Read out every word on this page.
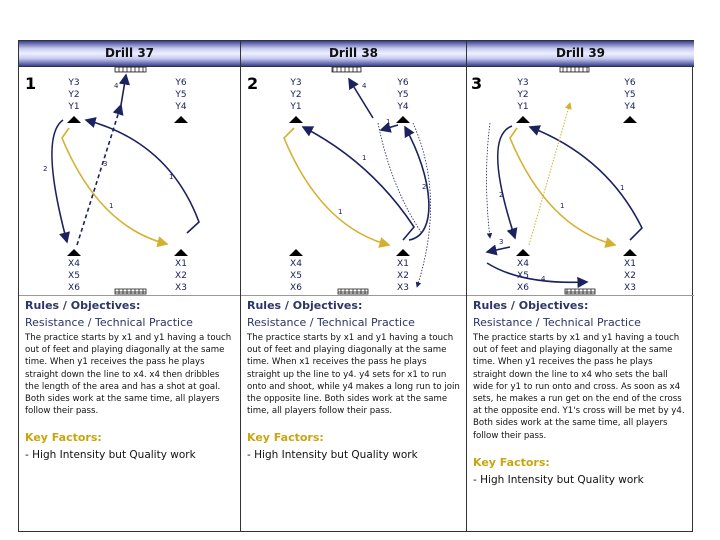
Drill 37
1	Y3
Y2
Y1
Y6
Y5
Y4
X4
X5
X6
X1
X2
X3
1
2
3
4
1
Rules / Objectives:
Resistance / Technical Practice
The practice starts by x1 and y1 having a touch out of feet and playing diagonally at the same time. When y1 receives the pass he plays straight down the line to x4. x4 then dribbles the length of the area and has a shot at goal. Both sides work at the same time, all players follow their pass.
Key Factors:
- High Intensity but Quality work
Drill 38
2	Y3
Y2
Y1
Y6
Y5
Y4
X4
X5
X6
X1
X2
X3
4
1
1
2
1
Rules / Objectives:
Resistance / Technical Practice
The practice starts by x1 and y1 having a touch out of feet and playing diagonally at the same time. When x1 receives the pass he plays straight up the line to y4. y4 sets for x1 to run onto and shoot, while y4 makes a long run to join the opposite line. Both sides work at the same time, all players follow their pass.
Key Factors:
- High Intensity but Quality work
Drill 39
3	Y3
Y2
Y1
Y6
Y5
Y4
X4
X5
X6
X1
X2
X3
1
2
3
4
1
Rules / Objectives:
Resistance / Technical Practice
The practice starts by x1 and y1 having a touch out of feet and playing diagonally at the same time. When y1 receives the pass he plays straight down the line to x4 who sets the ball wide for y1 to run onto and cross. As soon as x4 sets, he makes a run get on the end of the cross at the opposite end. Y1's cross will be met by y4. Both sides work at the same time, all players follow their pass.
Key Factors:
- High Intensity but Quality work
